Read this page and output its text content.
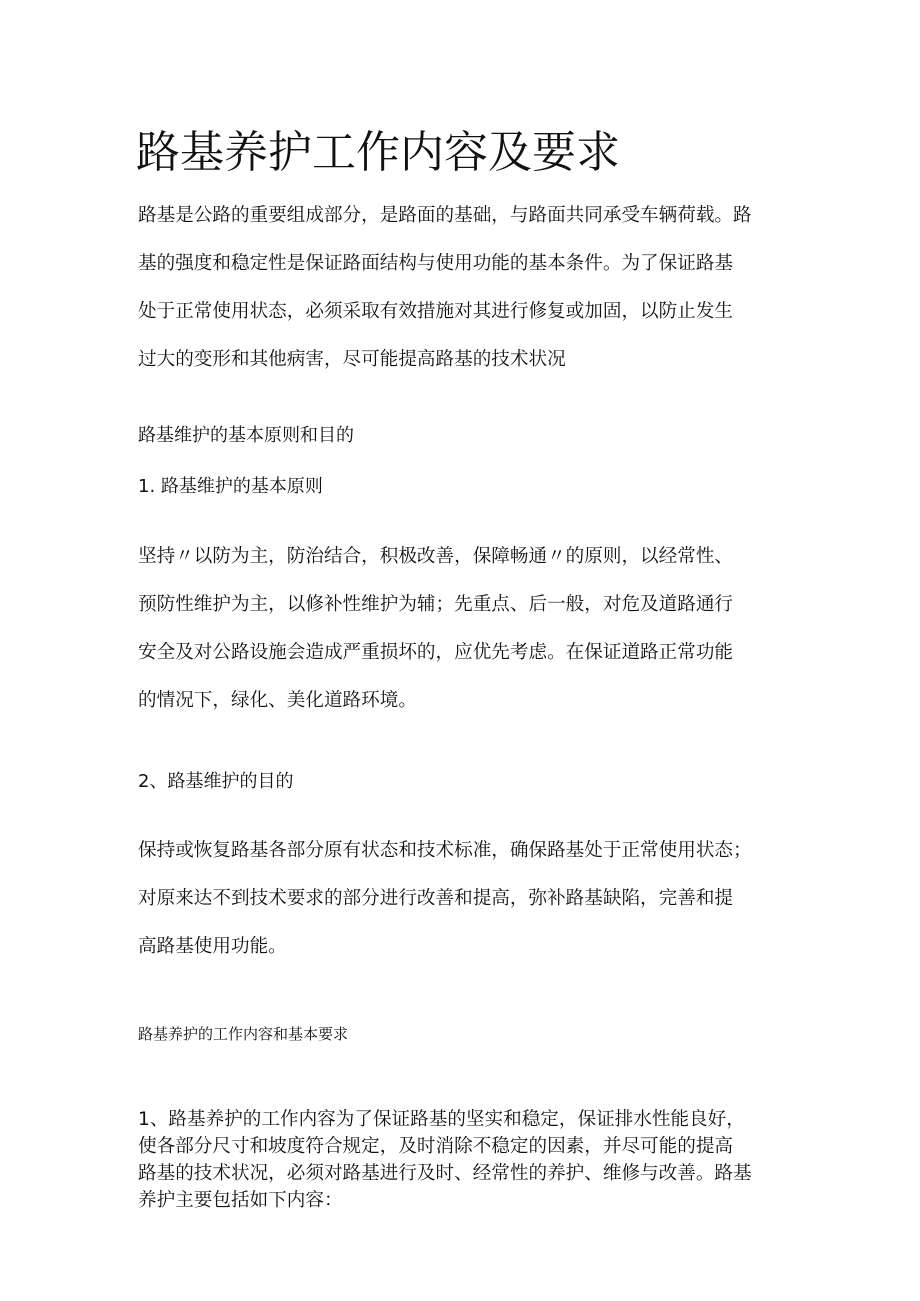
路基养护工作内容及要求
路基是公路的重要组成部分，是路面的基础，与路面共同承受车辆荷载。路
基的强度和稳定性是保证路面结构与使用功能的基本条件。为了保证路基
处于正常使用状态，必须采取有效措施对其进行修复或加固，以防止发生
过大的变形和其他病害，尽可能提高路基的技术状况
路基维护的基本原则和目的
1. 路基维护的基本原则
坚持〃以防为主，防治结合，积极改善，保障畅通〃的原则，以经常性、
预防性维护为主，以修补性维护为辅；先重点、后一般，对危及道路通行
安全及对公路设施会造成严重损坏的，应优先考虑。在保证道路正常功能
的情况下，绿化、美化道路环境。
2、路基维护的目的
保持或恢复路基各部分原有状态和技术标准，确保路基处于正常使用状态；
对原来达不到技术要求的部分进行改善和提高，弥补路基缺陷，完善和提
高路基使用功能。
路基养护的工作内容和基本要求
1、路基养护的工作内容为了保证路基的坚实和稳定，保证排水性能良好，
使各部分尺寸和坡度符合规定，及时消除不稳定的因素，并尽可能的提高
路基的技术状况，必须对路基进行及时、经常性的养护、维修与改善。路基
养护主要包括如下内容：
